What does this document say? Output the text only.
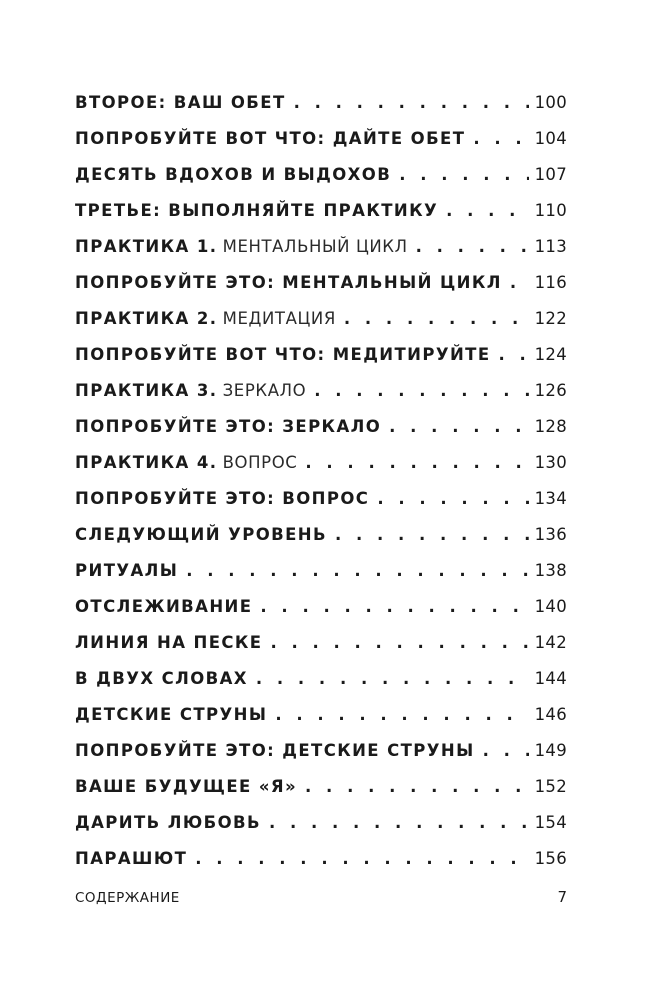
ВТОРОЕ: ВАШ ОБЕТ . . .	100
ПОПРОБУЙТЕ ВОТ ЧТО: ДАЙТЕ ОБЕТ . . .	104
ДЕСЯТЬ ВДОХОВ И ВЫДОХОВ . . .	107
ТРЕТЬЕ: ВЫПОЛНЯЙТЕ ПРАКТИКУ . . .	110
ПРАКТИКА 1. МЕНТАЛЬНЫЙ ЦИКЛ . . .	113
ПОПРОБУЙТЕ ЭТО: МЕНТАЛЬНЫЙ ЦИКЛ . . . 116
ПРАКТИКА 2. МЕДИТАЦИЯ . . .	122
ПОПРОБУЙТЕ ВОТ ЧТО: МЕДИТИРУЙТЕ . . .	124
ПРАКТИКА 3. ЗЕРКАЛО . . .	126
ПОПРОБУЙТЕ ЭТО: ЗЕРКАЛО . . .	128
ПРАКТИКА 4. ВОПРОС . . .	130
ПОПРОБУЙТЕ ЭТО: ВОПРОС . . .	134
СЛЕДУЮЩИЙ УРОВЕНЬ . . .	136
РИТУАЛЫ . . .	138
ОТСЛЕЖИВАНИЕ . . .	140
ЛИНИЯ НА ПЕСКЕ . . .	142
В ДВУХ СЛОВАХ . . .	144
ДЕТСКИЕ СТРУНЫ . . .	146
ПОПРОБУЙТЕ ЭТО: ДЕТСКИЕ СТРУНЫ . . .	149
ВАШЕ БУДУЩЕЕ «Я» . . .	152
ДАРИТЬ ЛЮБОВЬ . . .	154
ПАРАШЮТ . . .	156
СОДЕРЖАНИЕ	7
